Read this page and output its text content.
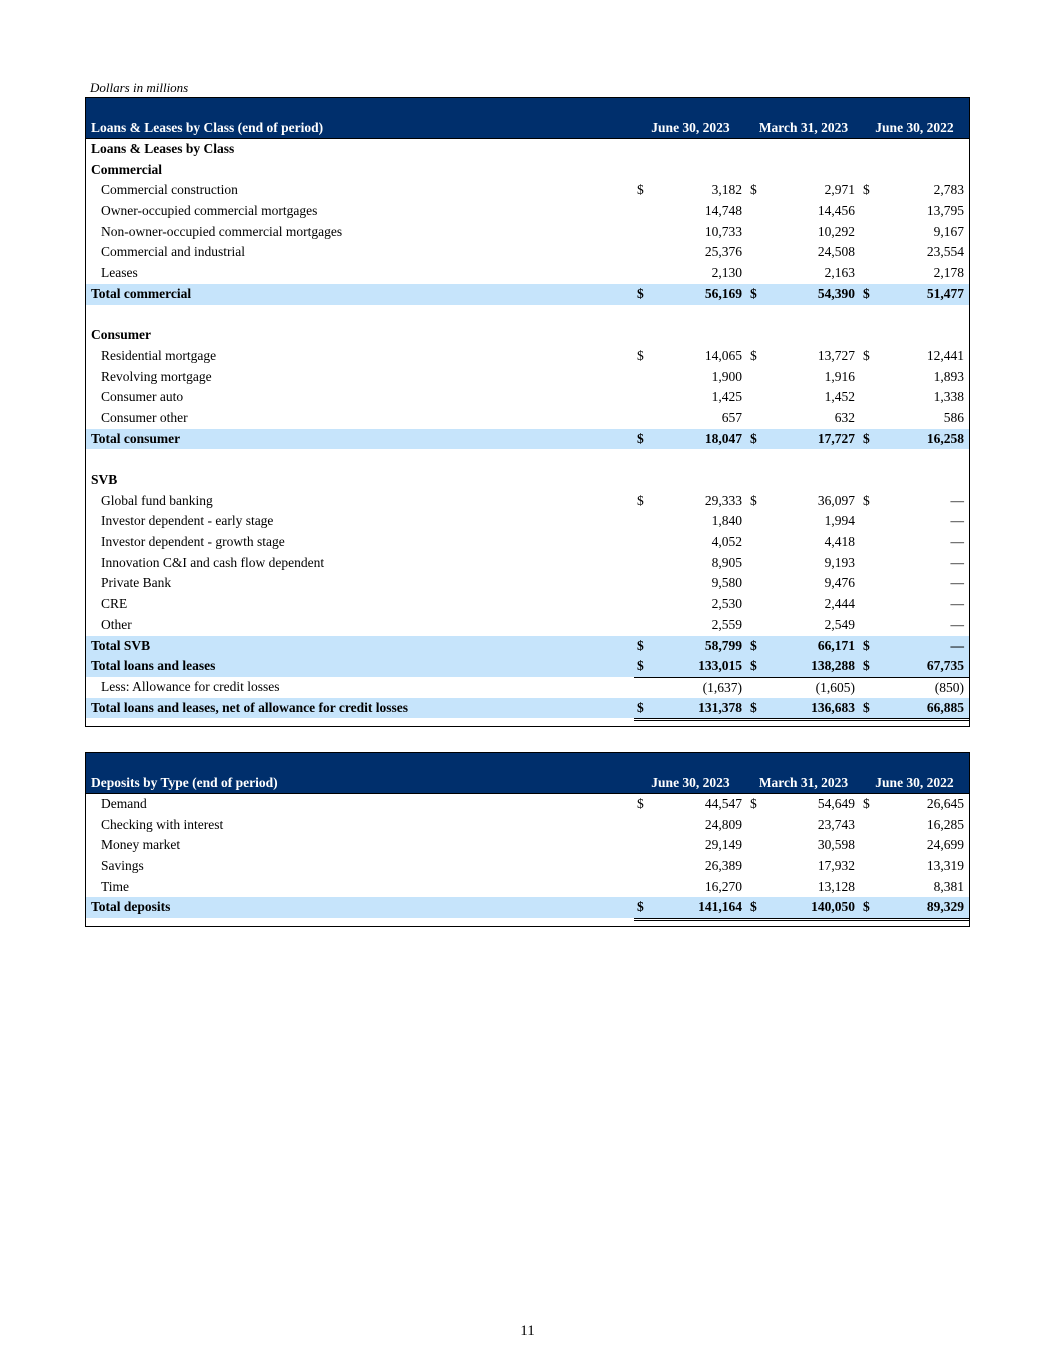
Dollars in millions
Loans & Leases by Class (end of period)	June 30, 2023	March 31, 2023	June 30, 2022
Loans & Leases by Class
Commercial
Commercial construction	$	3,182 $	2,971 $	2,783
Owner-occupied commercial mortgages	14,748	14,456	13,795
Non-owner-occupied commercial mortgages	10,733	10,292	9,167
Commercial and industrial	25,376	24,508	23,554
Leases	2,130	2,163	2,178
Total commercial	$	56,169 $	54,390 $	51,477
Consumer
Residential mortgage	$	14,065 $	13,727 $	12,441
Revolving mortgage	1,900	1,916	1,893
Consumer auto	1,425	1,452	1,338
Consumer other	657	632	586
Total consumer	$	18,047 $	17,727 $	16,258
SVB
Global fund banking	$	29,333 $	36,097 $	—
Investor dependent - early stage	1,840	1,994	—
Investor dependent - growth stage	4,052	4,418	—
Innovation C&I and cash flow dependent	8,905	9,193	—
Private Bank	9,580	9,476	—
CRE	2,530	2,444	—
Other	2,559	2,549	—
Total SVB	$	58,799 $	66,171 $	—
Total loans and leases	$	133,015 $	138,288 $	67,735
Less: Allowance for credit losses	(1,637)	(1,605)	(850)
Total loans and leases, net of allowance for credit losses	$	131,378 $	136,683 $	66,885
Deposits by Type (end of period)	June 30, 2023	March 31, 2023	June 30, 2022
Demand	$	44,547 $	54,649 $	26,645
Checking with interest	24,809	23,743	16,285
Money market	29,149	30,598	24,699
Savings	26,389	17,932	13,319
Time	16,270	13,128	8,381
Total deposits	$	141,164 $	140,050 $	89,329
11
